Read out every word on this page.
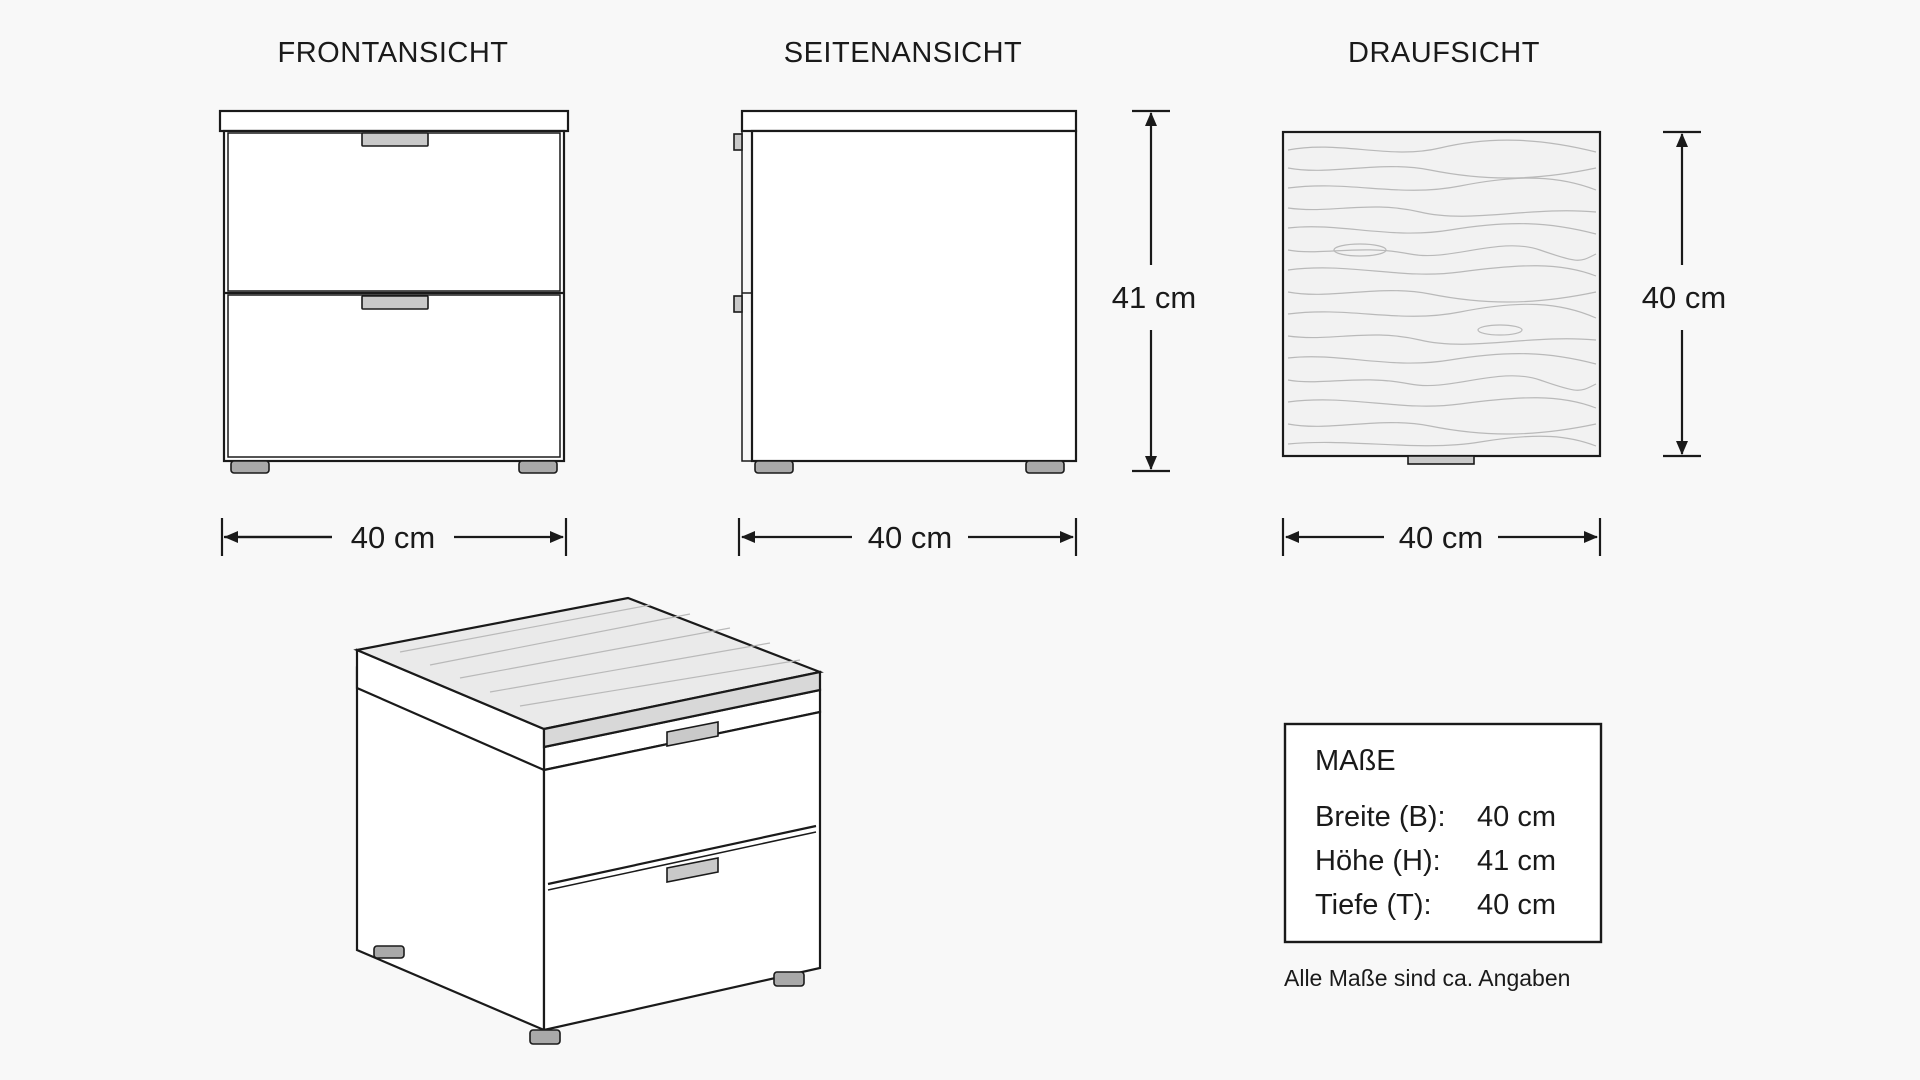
FRONTANSICHT	SEITENANSICHT	DRAUFSICHT
40 cm
41 cm
40 cm
40 cm
40 cm
MAßE
Breite (B): 40 cm
Höhe (H): 41 cm
Tiefe (T): 40 cm
Alle Maße sind ca. Angaben
